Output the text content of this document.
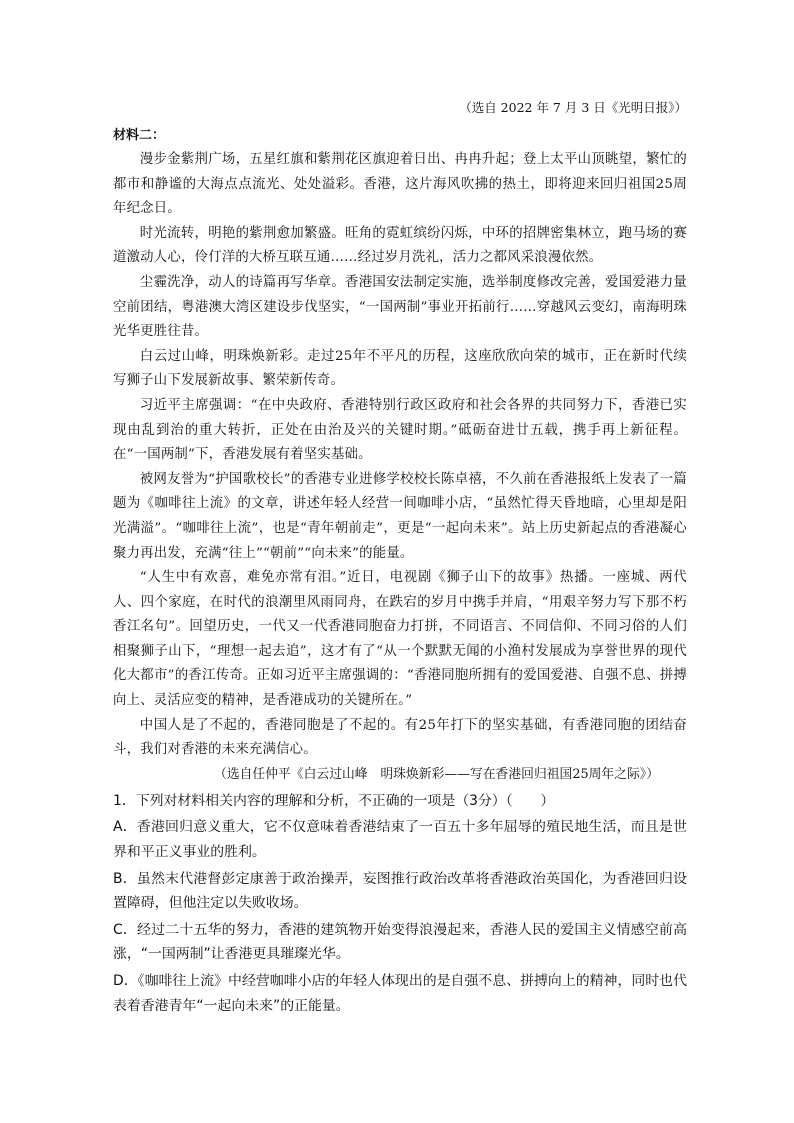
（选自 2022 年 7 月 3 日《光明日报》）
材料二：

漫步金紫荆广场，五星红旗和紫荆花区旗迎着日出、冉冉升起；登上太平山顶眺望，繁忙的都市和静谧的大海点点流光、处处溢彩。香港，这片海风吹拂的热土，即将迎来回归祖国25周年纪念日。

时光流转，明艳的紫荆愈加繁盛。旺角的霓虹缤纷闪烁，中环的招牌密集林立，跑马场的赛道激动人心，伶仃洋的大桥互联互通……经过岁月洗礼，活力之都风采浪漫依然。

尘霾洗净，动人的诗篇再写华章。香港国安法制定实施，选举制度修改完善，爱国爱港力量空前团结，粤港澳大湾区建设步伐坚实，“一国两制”事业开拓前行……穿越风云变幻，南海明珠光华更胜往昔。

白云过山峰，明珠焕新彩。走过25年不平凡的历程，这座欣欣向荣的城市，正在新时代续写狮子山下发展新故事、繁荣新传奇。

习近平主席强调：“在中央政府、香港特别行政区政府和社会各界的共同努力下，香港已实现由乱到治的重大转折，正处在由治及兴的关键时期。”砥砺奋进廿五载，携手再上新征程。在“一国两制”下，香港发展有着坚实基础。

被网友誉为“护国歌校长”的香港专业进修学校校长陈卓禧，不久前在香港报纸上发表了一篇题为《咖啡往上流》的文章，讲述年轻人经营一间咖啡小店，“虽然忙得天昏地暗，心里却是阳光满溢”。“咖啡往上流”，也是“青年朝前走”，更是“一起向未来”。站上历史新起点的香港凝心聚力再出发，充满“往上”“朝前”“向未来”的能量。

“人生中有欢喜，难免亦常有泪。”近日，电视剧《狮子山下的故事》热播。一座城、两代人、四个家庭，在时代的浪潮里风雨同舟，在跌宕的岁月中携手并肩，“用艰辛努力写下那不朽香江名句”。回望历史，一代又一代香港同胞奋力打拼，不同语言、不同信仰、不同习俗的人们相聚狮子山下，“理想一起去追”，这才有了“从一个默默无闻的小渔村发展成为享誉世界的现代化大都市”的香江传奇。正如习近平主席强调的：“香港同胞所拥有的爱国爱港、自强不息、拼搏向上、灵活应变的精神，是香港成功的关键所在。”

中国人是了不起的，香港同胞是了不起的。有25年打下的坚实基础，有香港同胞的团结奋斗，我们对香港的未来充满信心。

（选自任仲平《白云过山峰　明珠焕新彩——写在香港回归祖国25周年之际》）

1．下列对材料相关内容的理解和分析，不正确的一项是（3分）（　　）

A．香港回归意义重大，它不仅意味着香港结束了一百五十多年屈辱的殖民地生活，而且是世界和平正义事业的胜利。

B．虽然末代港督彭定康善于政治操弄，妄图推行政治改革将香港政治英国化，为香港回归设置障碍，但他注定以失败收场。

C．经过二十五华的努力，香港的建筑物开始变得浪漫起来，香港人民的爱国主义情感空前高涨，“一国两制”让香港更具璀璨光华。

D．《咖啡往上流》中经营咖啡小店的年轻人体现出的是自强不息、拼搏向上的精神，同时也代表着香港青年“一起向未来”的正能量。
